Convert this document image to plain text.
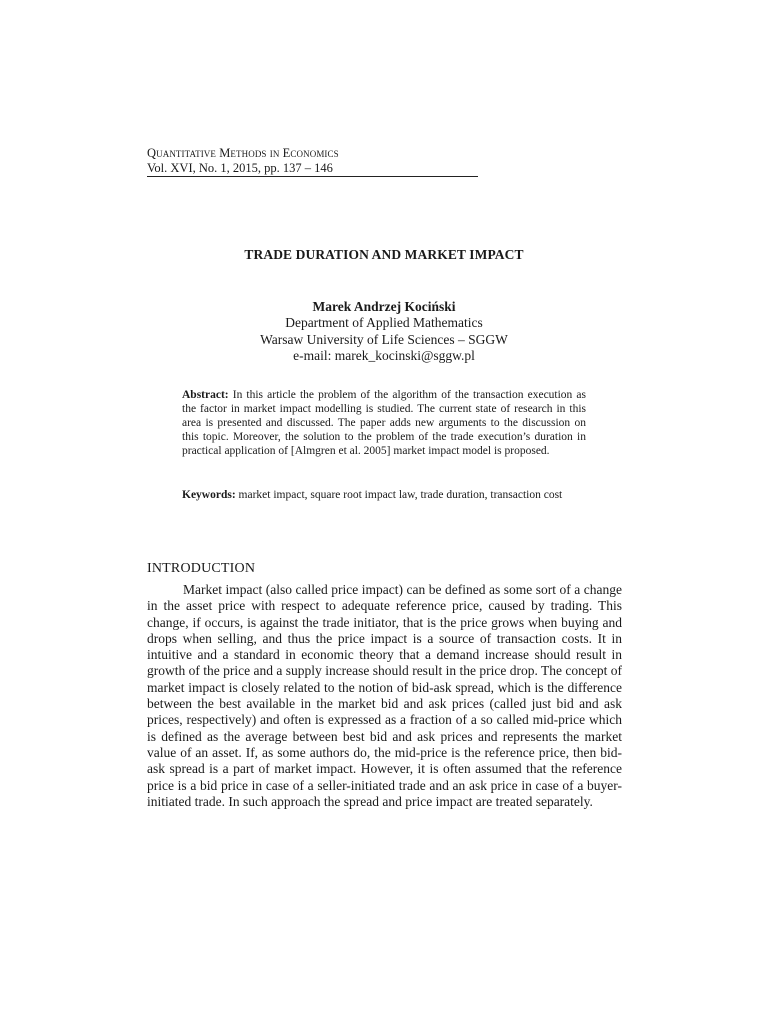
Quantitative Methods in Economics
Vol. XVI, No. 1, 2015, pp. 137 – 146
TRADE DURATION AND MARKET IMPACT
Marek Andrzej Kociński
Department of Applied Mathematics
Warsaw University of Life Sciences – SGGW
e-mail: marek_kocinski@sggw.pl
Abstract: In this article the problem of the algorithm of the transaction execution as the factor in market impact modelling is studied. The current state of research in this area is presented and discussed. The paper adds new arguments to the discussion on this topic. Moreover, the solution to the problem of the trade execution’s duration in practical application of [Almgren et al. 2005] market impact model is proposed.
Keywords: market impact, square root impact law, trade duration, transaction cost
INTRODUCTION

Market impact (also called price impact) can be defined as some sort of a change in the asset price with respect to adequate reference price, caused by trading. This change, if occurs, is against the trade initiator, that is the price grows when buying and drops when selling, and thus the price impact is a source of transaction costs. It in intuitive and a standard in economic theory that a demand increase should result in growth of the price and a supply increase should result in the price drop. The concept of market impact is closely related to the notion of bid-ask spread, which is the difference between the best available in the market bid and ask prices (called just bid and ask prices, respectively) and often is expressed as a fraction of a so called mid-price which is defined as the average between best bid and ask prices and represents the market value of an asset. If, as some authors do, the mid-price is the reference price, then bid-ask spread is a part of market impact. However, it is often assumed that the reference price is a bid price in case of a seller-initiated trade and an ask price in case of a buyer-initiated trade. In such approach the spread and price impact are treated separately.
